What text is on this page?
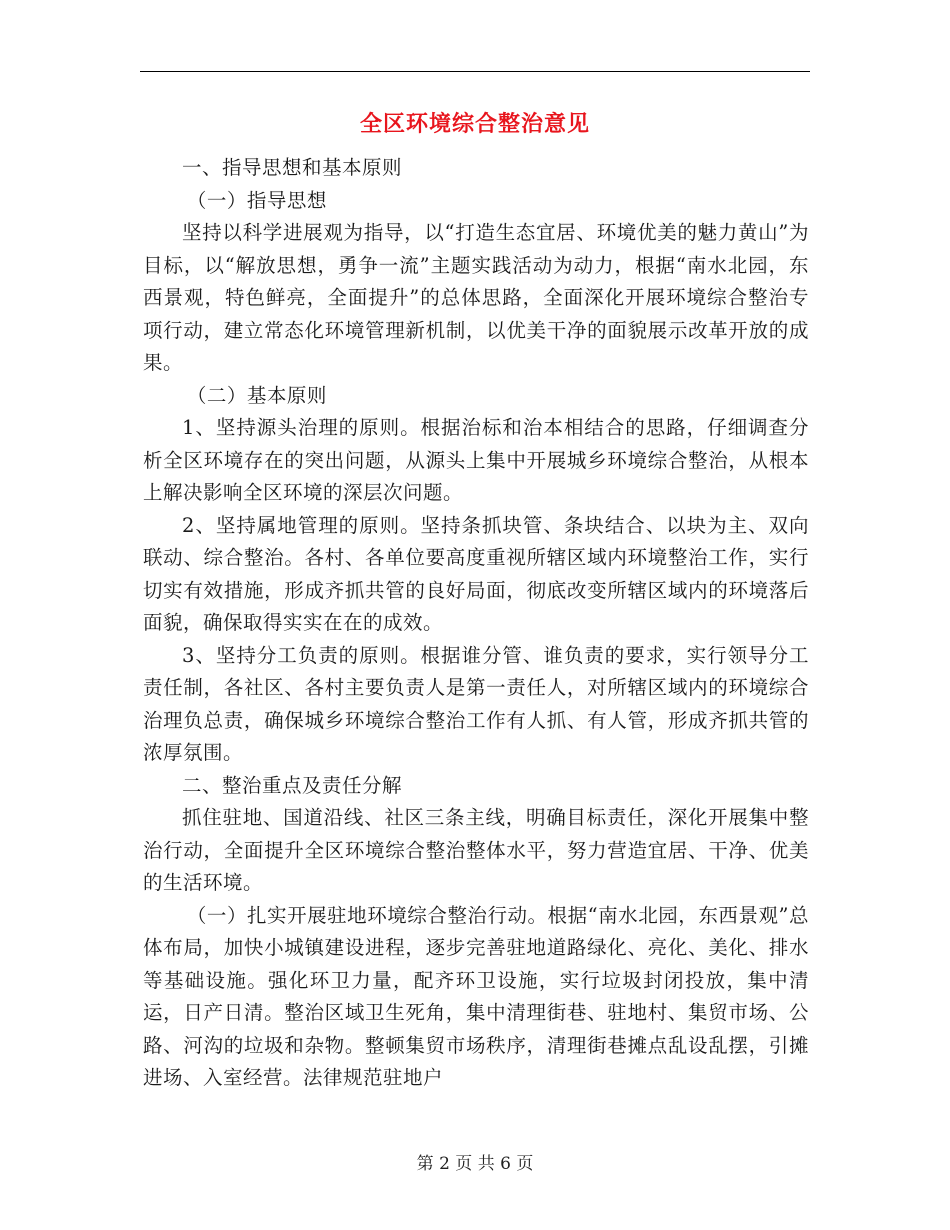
全区环境综合整治意见

一、指导思想和基本原则

（一）指导思想

坚持以科学进展观为指导，以“打造生态宜居、环境优美的魅力黄山”为目标，以“解放思想，勇争一流”主题实践活动为动力，根据“南水北园，东西景观，特色鲜亮，全面提升”的总体思路，全面深化开展环境综合整治专项行动，建立常态化环境管理新机制，以优美干净的面貌展示改革开放的成果。

（二）基本原则

1、坚持源头治理的原则。根据治标和治本相结合的思路，仔细调查分析全区环境存在的突出问题，从源头上集中开展城乡环境综合整治，从根本上解决影响全区环境的深层次问题。

2、坚持属地管理的原则。坚持条抓块管、条块结合、以块为主、双向联动、综合整治。各村、各单位要高度重视所辖区域内环境整治工作，实行切实有效措施，形成齐抓共管的良好局面，彻底改变所辖区域内的环境落后面貌，确保取得实实在在的成效。

3、坚持分工负责的原则。根据谁分管、谁负责的要求，实行领导分工责任制，各社区、各村主要负责人是第一责任人，对所辖区域内的环境综合治理负总责，确保城乡环境综合整治工作有人抓、有人管，形成齐抓共管的浓厚氛围。

二、整治重点及责任分解

抓住驻地、国道沿线、社区三条主线，明确目标责任，深化开展集中整治行动，全面提升全区环境综合整治整体水平，努力营造宜居、干净、优美的生活环境。

（一）扎实开展驻地环境综合整治行动。根据“南水北园，东西景观”总体布局，加快小城镇建设进程，逐步完善驻地道路绿化、亮化、美化、排水等基础设施。强化环卫力量，配齐环卫设施，实行垃圾封闭投放，集中清运，日产日清。整治区域卫生死角，集中清理街巷、驻地村、集贸市场、公路、河沟的垃圾和杂物。整顿集贸市场秩序，清理街巷摊点乱设乱摆，引摊进场、入室经营。法律规范驻地户

第 2 页 共 6 页
